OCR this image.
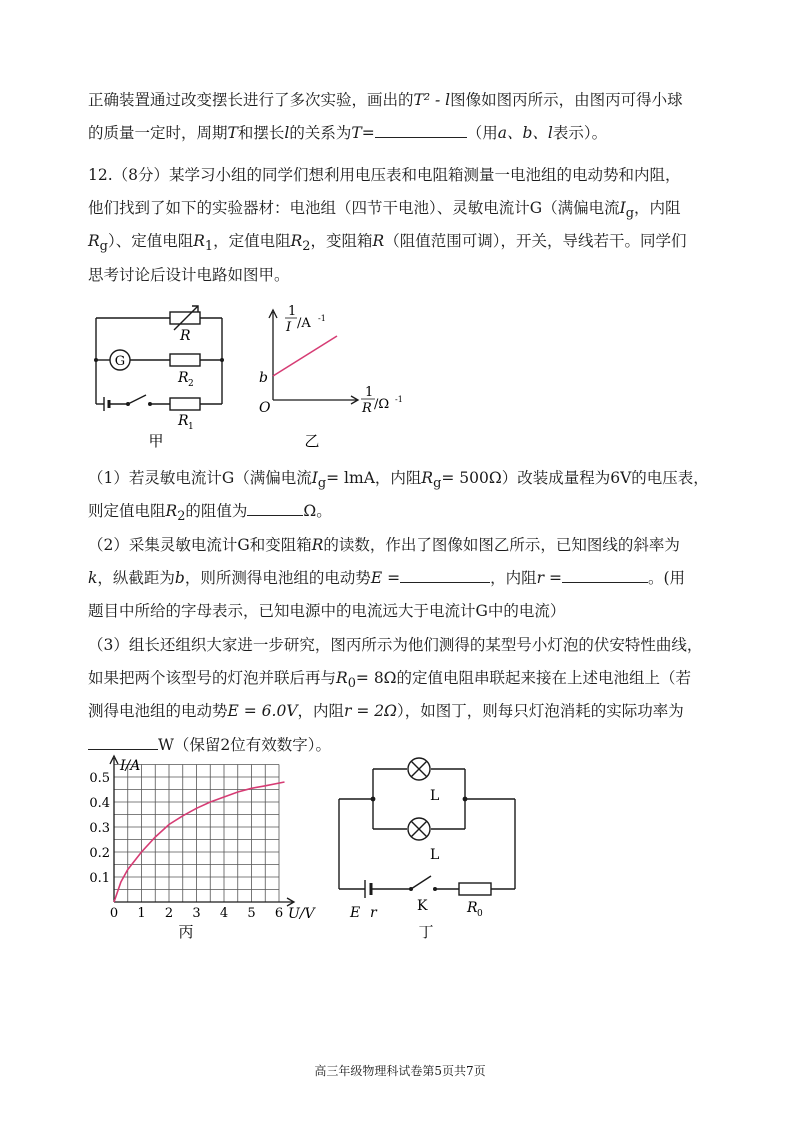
正确装置通过改变摆长进行了多次实验，画出的T² - l图像如图丙所示，由图丙可得小球
的质量一定时，周期T和摆长l的关系为T=	（用a、b、l表示）。
12.（8分）某学习小组的同学们想利用电压表和电阻箱测量一电池组的电动势和内阻，
他们找到了如下的实验器材：电池组（四节干电池）、灵敏电流计G（满偏电流$I_g$，内阻
$R_g$）、定值电阻$R_1$，定值电阻$R_2$，变阻箱R（阻值范围可调），开关，导线若干。同学们
思考讨论后设计电路如图甲。
G
R
R 2
R 1
甲
1
I /A -1
b
O
1
R /Ω -1
乙
（1）若灵敏电流计G（满偏电流$I_g=$ lmA，内阻$R_g= 500\Omega$）改装成量程为6V的电压表，
则定值电阻$R_2$的阻值为	Ω。
（2）采集灵敏电流计G和变阻箱R的读数，作出了图像如图乙所示，已知图线的斜率为
k，纵截距为b，则所测得电池组的电动势E =	，内阻r =	。(用
题目中所给的字母表示，已知电源中的电流远大于电流计G中的电流）
（3）组长还组织大家进一步研究，图丙所示为他们测得的某型号小灯泡的伏安特性曲线，
如果把两个该型号的灯泡并联后再与$R_0= 8\Omega$的定值电阻串联起来接在上述电池组上（若
测得电池组的电动势E = 6.0V，内阻r = 2Ω），如图丁，则每只灯泡消耗的实际功率为
W（保留2位有效数字）。
0 1 2 3 4 5 6
0.1
0.2
0.3
0.4
0.5
I/A
U/V
丙
L
L
E r	K	R 0
丁
高三年级物理科试卷第5页共7页
